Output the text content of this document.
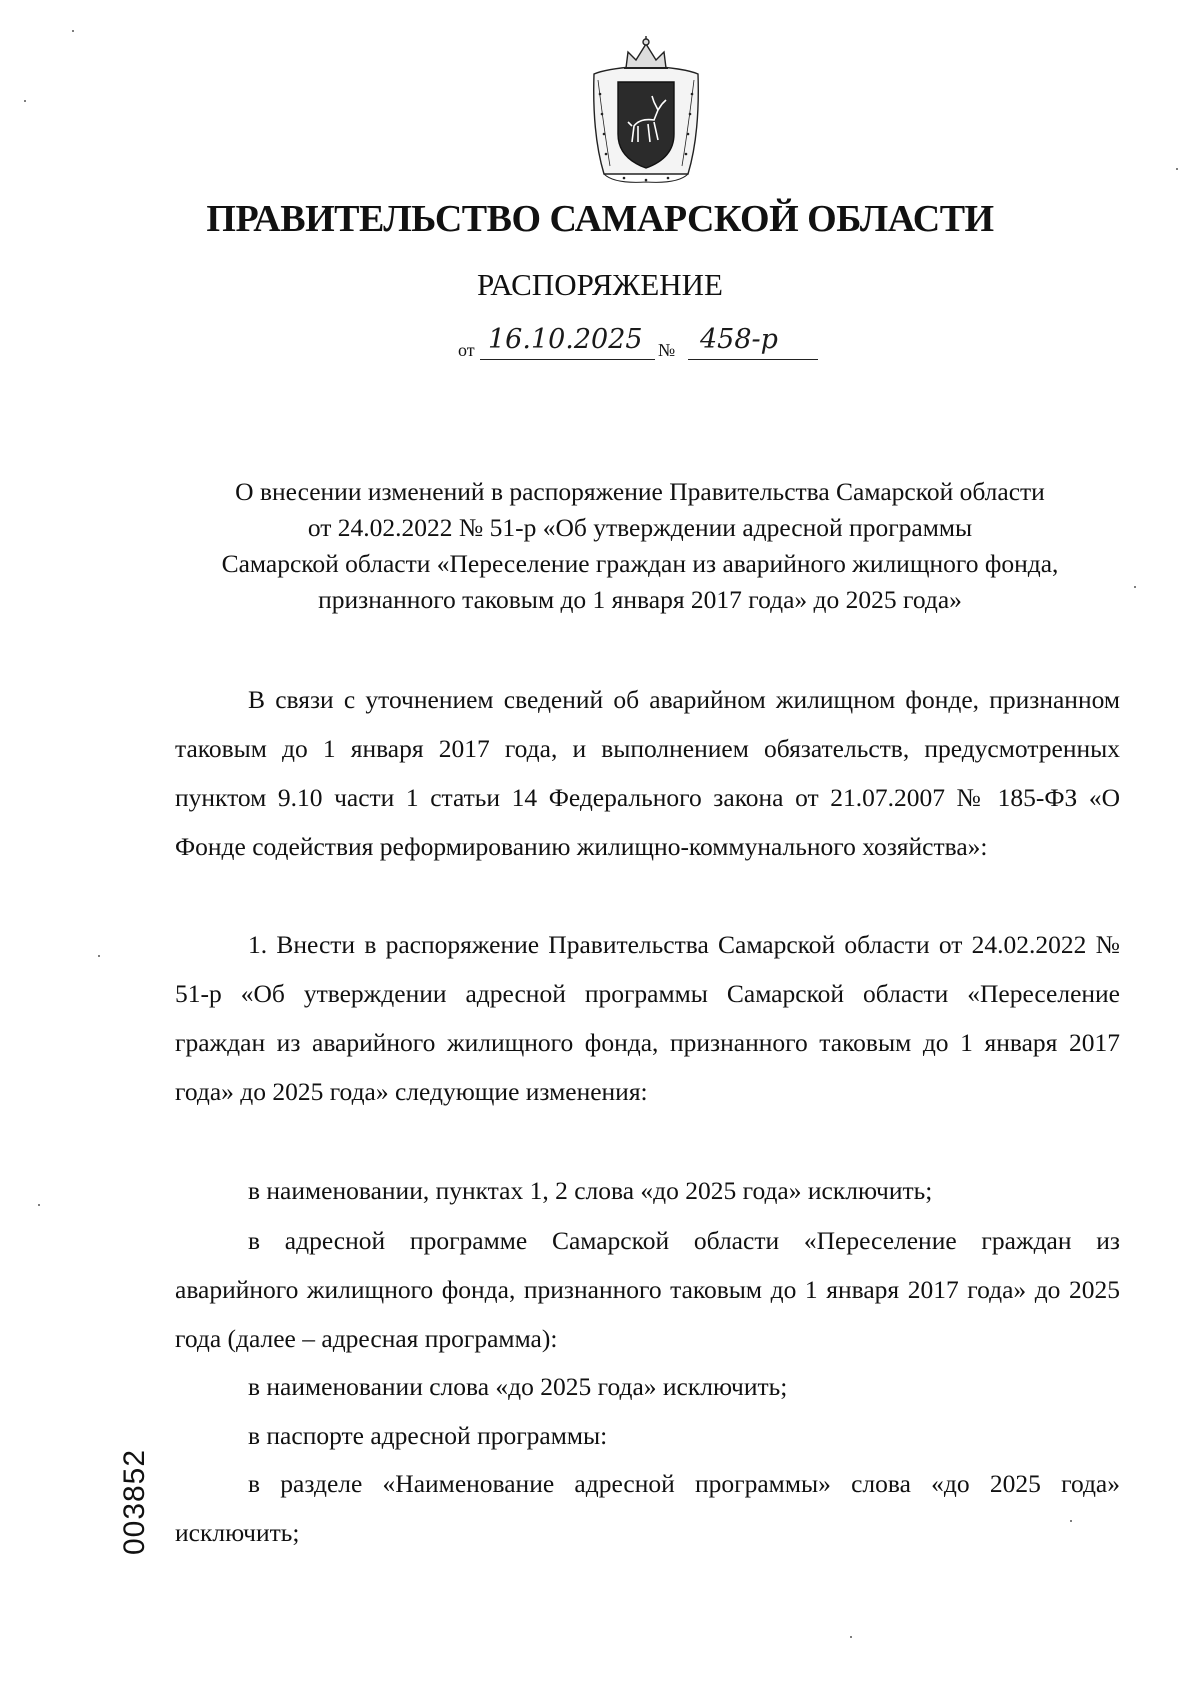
ПРАВИТЕЛЬСТВО САМАРСКОЙ ОБЛАСТИ
РАСПОРЯЖЕНИЕ
от 16.10.2025 № 458-р
О внесении изменений в распоряжение Правительства Самарской области
от 24.02.2022 № 51-р «Об утверждении адресной программы
Самарской области «Переселение граждан из аварийного жилищного фонда,
признанного таковым до 1 января 2017 года» до 2025 года»
В связи с уточнением сведений об аварийном жилищном фонде, признанном таковым до 1 января 2017 года, и выполнением обязательств, предусмотренных пунктом 9.10 части 1 статьи 14 Федерального закона от 21.07.2007 № 185-ФЗ «О Фонде содействия реформированию жилищно-коммунального хозяйства»:
1. Внести в распоряжение Правительства Самарской области от 24.02.2022 № 51-р «Об утверждении адресной программы Самарской области «Переселение граждан из аварийного жилищного фонда, признанного таковым до 1 января 2017 года» до 2025 года» следующие изменения:
в наименовании, пунктах 1, 2 слова «до 2025 года» исключить;
в адресной программе Самарской области «Переселение граждан из аварийного жилищного фонда, признанного таковым до 1 января 2017 года» до 2025 года (далее – адресная программа):
в наименовании слова «до 2025 года» исключить;
в паспорте адресной программы:
в разделе «Наименование адресной программы» слова «до 2025 года» исключить;
003852
